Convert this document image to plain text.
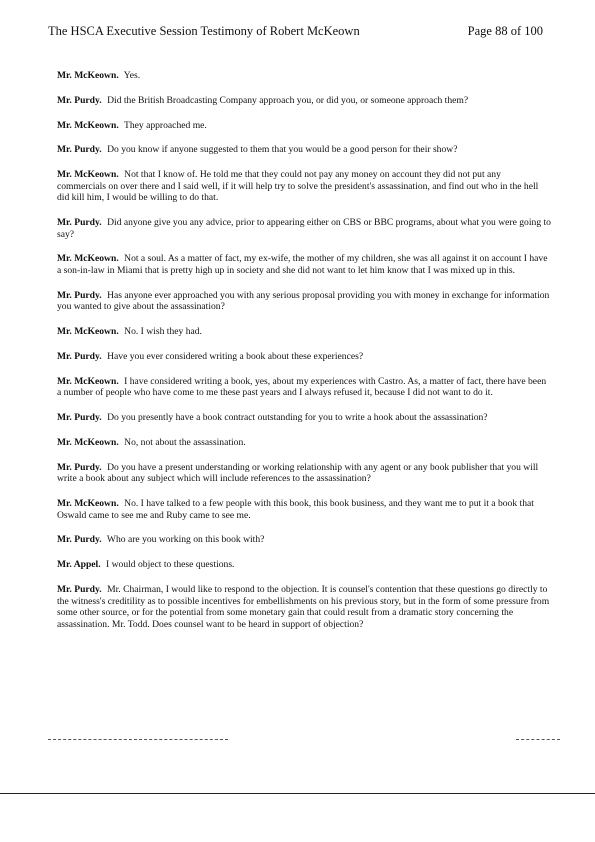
The HSCA Executive Session Testimony of Robert McKeown	Page 88 of 100

Mr. McKeown. Yes.

Mr. Purdy. Did the British Broadcasting Company approach you, or did you, or someone approach them?

Mr. McKeown. They approached me.

Mr. Purdy. Do you know if anyone suggested to them that you would be a good person for their show?

Mr. McKeown. Not that I know of. He told me that they could not pay any money on account they did not put any commercials on over there and I said well, if it will help try to solve the president's assassination, and find out who in the hell did kill him, I would be willing to do that.

Mr. Purdy. Did anyone give you any advice, prior to appearing either on CBS or BBC programs, about what you were going to say?

Mr. McKeown. Not a soul. As a matter of fact, my ex-wife, the mother of my children, she was all against it on account I have a son-in-law in Miami that is pretty high up in society and she did not want to let him know that I was mixed up in this.

Mr. Purdy. Has anyone ever approached you with any serious proposal providing you with money in exchange for information you wanted to give about the assassination?

Mr. McKeown. No. I wish they had.

Mr. Purdy. Have you ever considered writing a book about these experiences?

Mr. McKeown. I have considered writing a book, yes, about my experiences with Castro. As, a matter of fact, there have been a number of people who have come to me these past years and I always refused it, because I did not want to do it.

Mr. Purdy. Do you presently have a book contract outstanding for you to write a hook about the assassination?

Mr. McKeown. No, not about the assassination.

Mr. Purdy. Do you have a present understanding or working relationship with any agent or any book publisher that you will write a book about any subject which will include references to the assassination?

Mr. McKeown. No. I have talked to a few people with this book, this book business, and they want me to put it a book that Oswald came to see me and Ruby came to see me.

Mr. Purdy. Who are you working on this book with?

Mr. Appel. I would object to these questions.

Mr. Purdy. Mr. Chairman, I would like to respond to the objection. It is counsel's contention that these questions go directly to the witness's creditility as to possible incentives for embellishments on his previous story, but in the form of some pressure from some other source, or for the potential from some monetary gain that could result from a dramatic story concerning the assassination. Mr. Todd. Does counsel want to be heard in support of objection?
